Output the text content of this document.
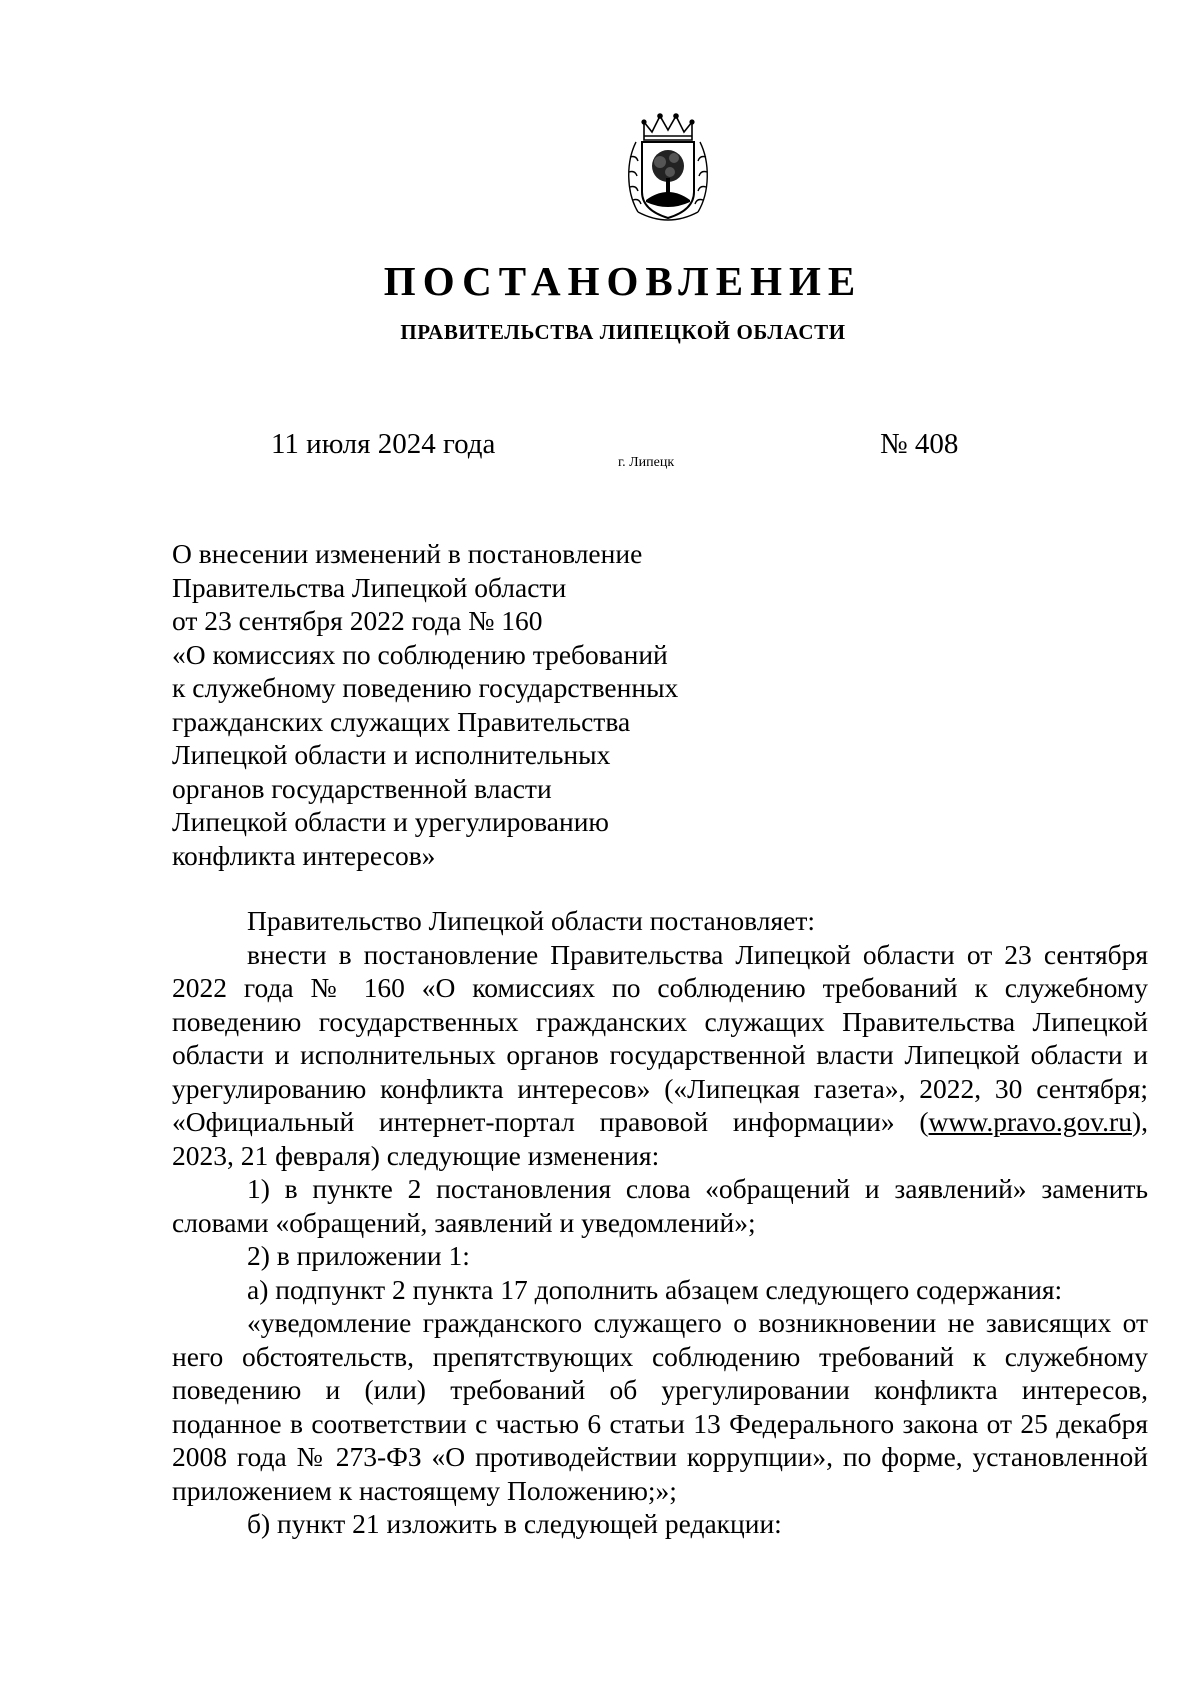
ПОСТАНОВЛЕНИЕ
ПРАВИТЕЛЬСТВА ЛИПЕЦКОЙ ОБЛАСТИ
11 июля 2024 года
г. Липецк
№ 408
О внесении изменений в постановление
Правительства Липецкой области
от 23 сентября 2022 года № 160
«О комиссиях по соблюдению требований
к служебному поведению государственных
гражданских служащих Правительства
Липецкой области и исполнительных
органов государственной власти
Липецкой области и урегулированию
конфликта интересов»
Правительство Липецкой области постановляет:
внести в постановление Правительства Липецкой области от 23 сентября
2022 года № 160 «О комиссиях по соблюдению требований к служебному
поведению государственных гражданских служащих Правительства Липецкой
области и исполнительных органов государственной власти Липецкой области и
урегулированию конфликта интересов» («Липецкая газета», 2022, 30 сентября;
«Официальный интернет-портал правовой информации» (www.pravo.gov.ru),
2023, 21 февраля) следующие изменения:
1) в пункте 2 постановления слова «обращений и заявлений» заменить
словами «обращений, заявлений и уведомлений»;
2) в приложении 1:
а) подпункт 2 пункта 17 дополнить абзацем следующего содержания:
«уведомление гражданского служащего о возникновении не зависящих от
него обстоятельств, препятствующих соблюдению требований к служебному
поведению и (или) требований об урегулировании конфликта интересов,
поданное в соответствии с частью 6 статьи 13 Федерального закона от 25 декабря
2008 года № 273-ФЗ «О противодействии коррупции», по форме, установленной
приложением к настоящему Положению;»;
б) пункт 21 изложить в следующей редакции:
